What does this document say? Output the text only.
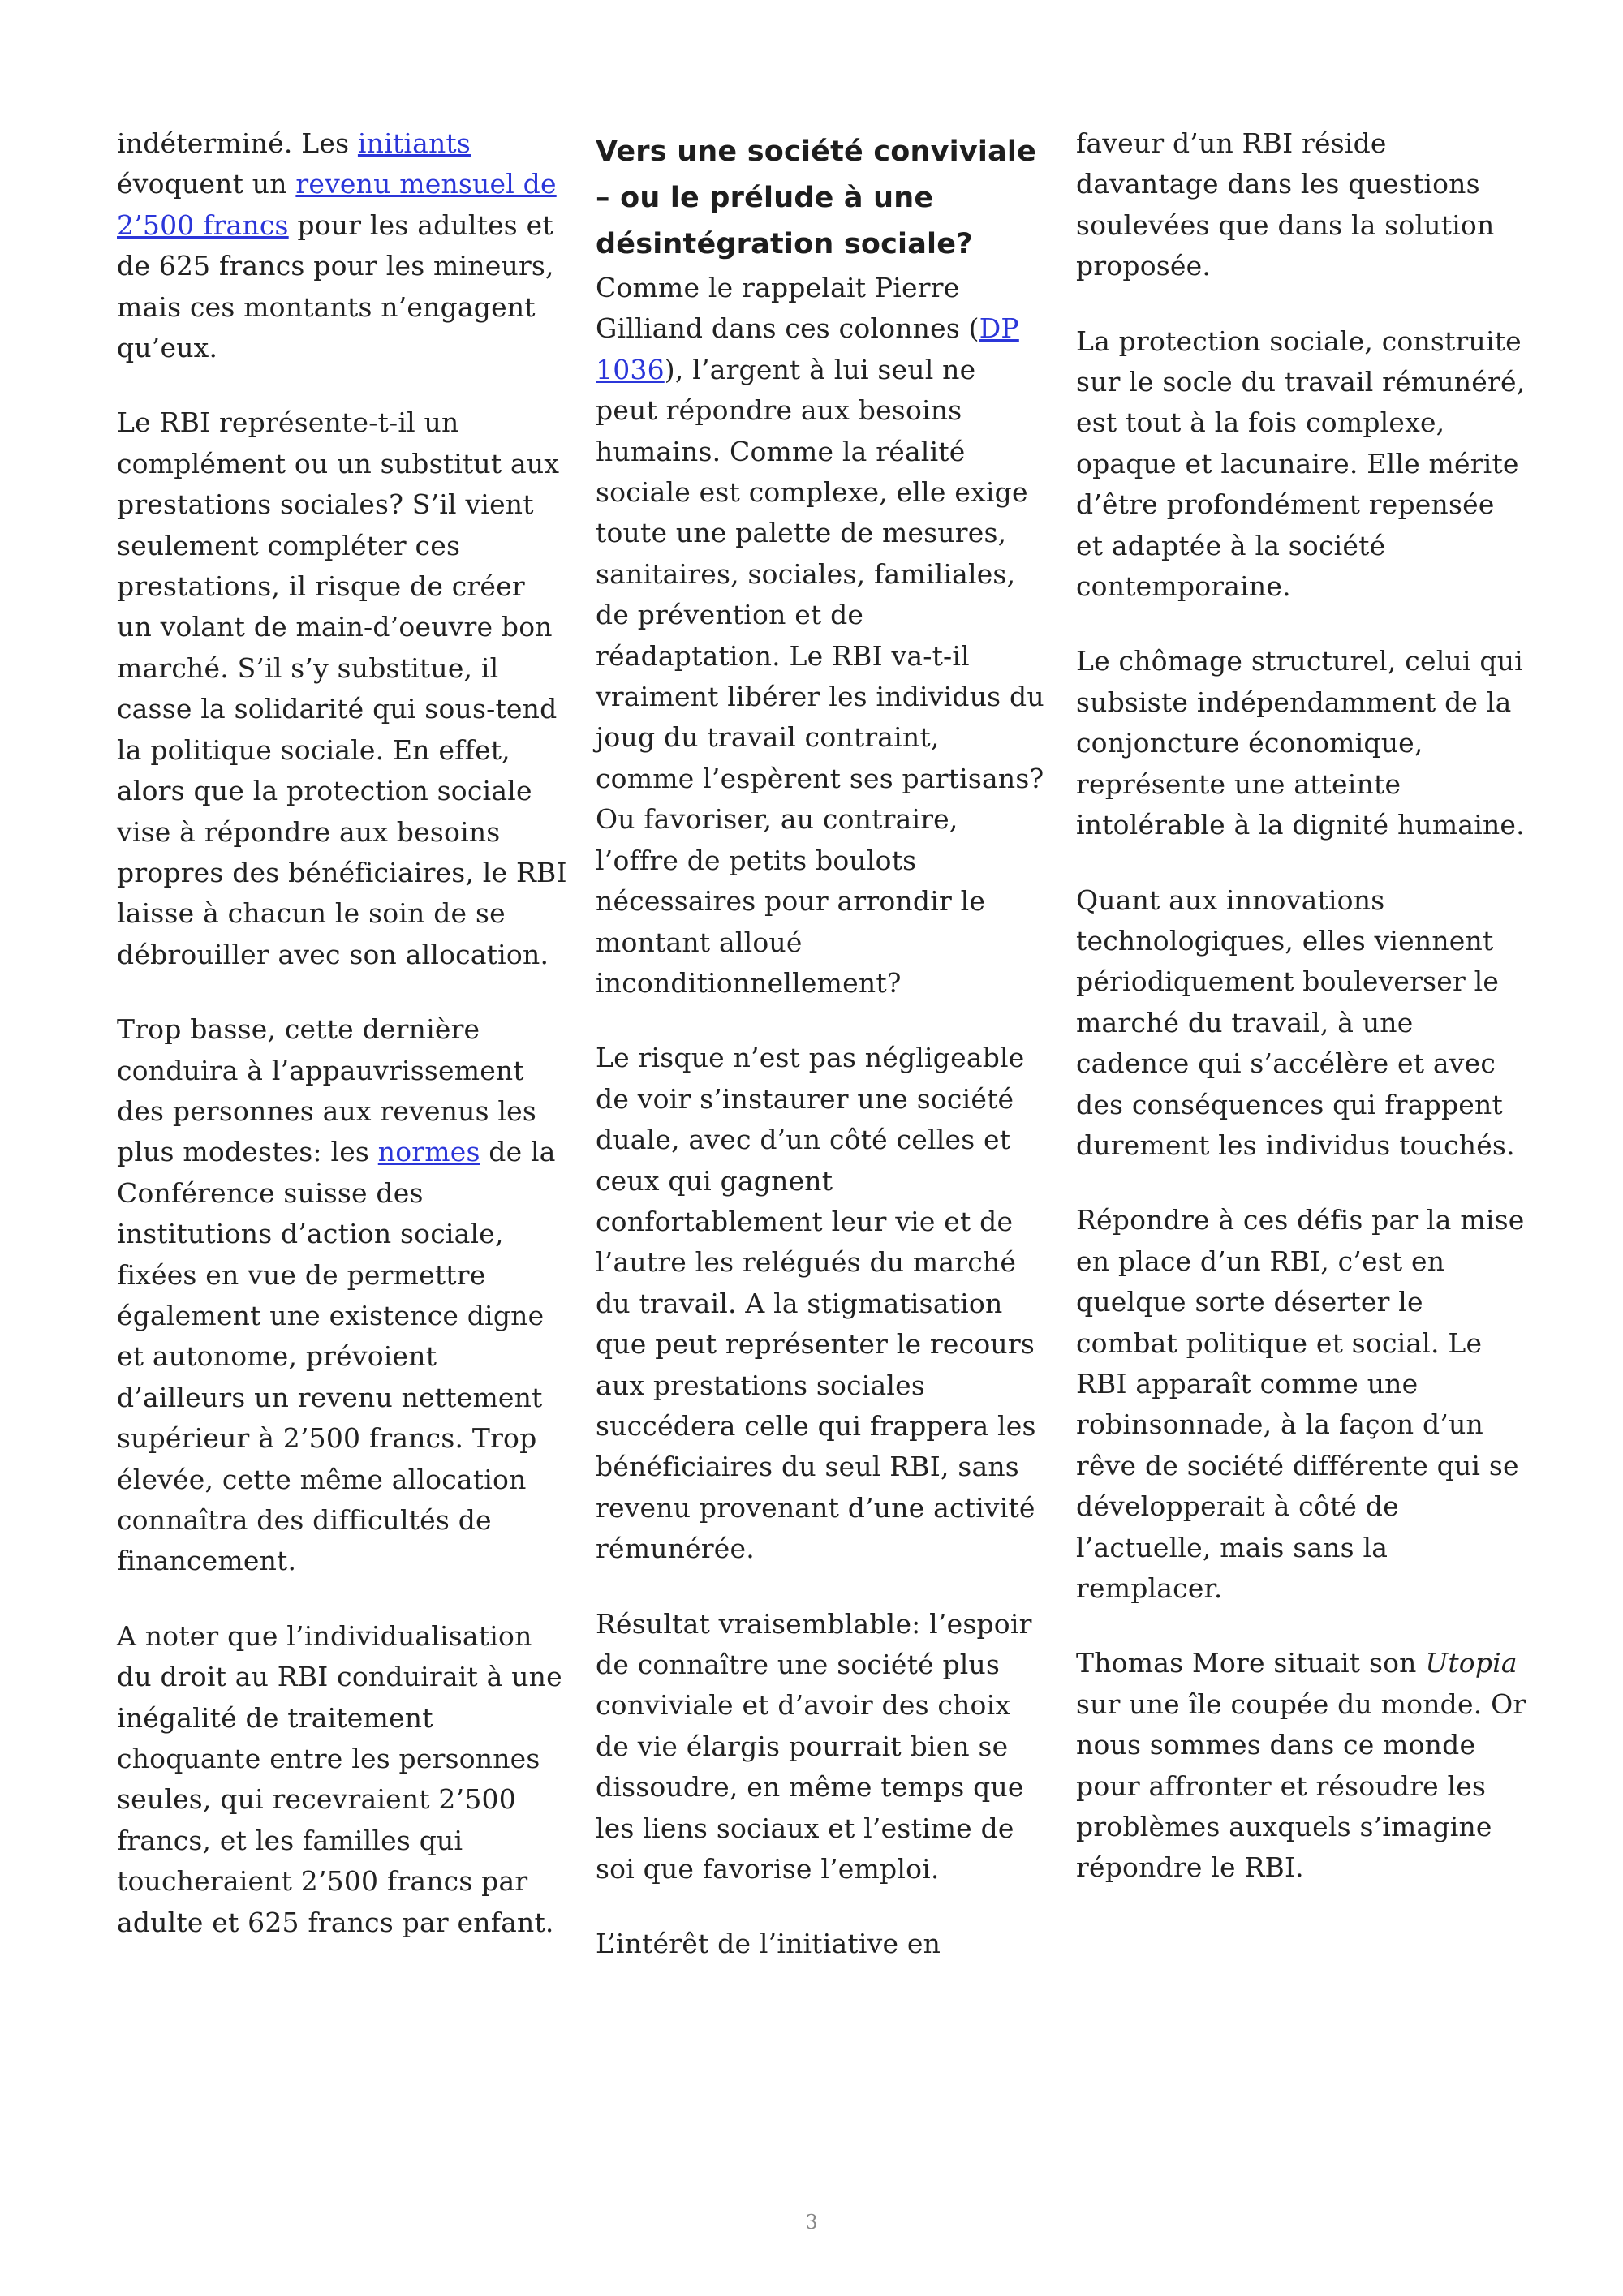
indéterminé. Les initiants évoquent un revenu mensuel de 2’500 francs pour les adultes et de 625 francs pour les mineurs, mais ces montants n’engagent qu’eux.

Le RBI représente-t-il un complément ou un substitut aux prestations sociales? S’il vient seulement compléter ces prestations, il risque de créer un volant de main-d’oeuvre bon marché. S’il s’y substitue, il casse la solidarité qui sous-tend la politique sociale. En effet, alors que la protection sociale vise à répondre aux besoins propres des bénéficiaires, le RBI laisse à chacun le soin de se débrouiller avec son allocation.

Trop basse, cette dernière conduira à l’appauvrissement des personnes aux revenus les plus modestes: les normes de la Conférence suisse des institutions d’action sociale, fixées en vue de permettre également une existence digne et autonome, prévoient d’ailleurs un revenu nettement supérieur à 2’500 francs. Trop élevée, cette même allocation connaîtra des difficultés de financement.

A noter que l’individualisation du droit au RBI conduirait à une inégalité de traitement choquante entre les personnes seules, qui recevraient 2’500 francs, et les familles qui toucheraient 2’500 francs par adulte et 625 francs par enfant.

Vers une société conviviale – ou le prélude à une désintégration sociale?

Comme le rappelait Pierre Gilliand dans ces colonnes (DP 1036), l’argent à lui seul ne peut répondre aux besoins humains. Comme la réalité sociale est complexe, elle exige toute une palette de mesures, sanitaires, sociales, familiales, de prévention et de réadaptation. Le RBI va-t-il vraiment libérer les individus du joug du travail contraint, comme l’espèrent ses partisans? Ou favoriser, au contraire, l’offre de petits boulots nécessaires pour arrondir le montant alloué inconditionnellement?

Le risque n’est pas négligeable de voir s’instaurer une société duale, avec d’un côté celles et ceux qui gagnent confortablement leur vie et de l’autre les relégués du marché du travail. A la stigmatisation que peut représenter le recours aux prestations sociales succédera celle qui frappera les bénéficiaires du seul RBI, sans revenu provenant d’une activité rémunérée.

Résultat vraisemblable: l’espoir de connaître une société plus conviviale et d’avoir des choix de vie élargis pourrait bien se dissoudre, en même temps que les liens sociaux et l’estime de soi que favorise l’emploi.

L’intérêt de l’initiative en

faveur d’un RBI réside davantage dans les questions soulevées que dans la solution proposée.

La protection sociale, construite sur le socle du travail rémunéré, est tout à la fois complexe, opaque et lacunaire. Elle mérite d’être profondément repensée et adaptée à la société contemporaine.

Le chômage structurel, celui qui subsiste indépendamment de la conjoncture économique, représente une atteinte intolérable à la dignité humaine.

Quant aux innovations technologiques, elles viennent périodiquement bouleverser le marché du travail, à une cadence qui s’accélère et avec des conséquences qui frappent durement les individus touchés.

Répondre à ces défis par la mise en place d’un RBI, c’est en quelque sorte déserter le combat politique et social. Le RBI apparaît comme une robinsonnade, à la façon d’un rêve de société différente qui se développerait à côté de l’actuelle, mais sans la remplacer.

Thomas More situait son Utopia sur une île coupée du monde. Or nous sommes dans ce monde pour affronter et résoudre les problèmes auxquels s’imagine répondre le RBI.

3
